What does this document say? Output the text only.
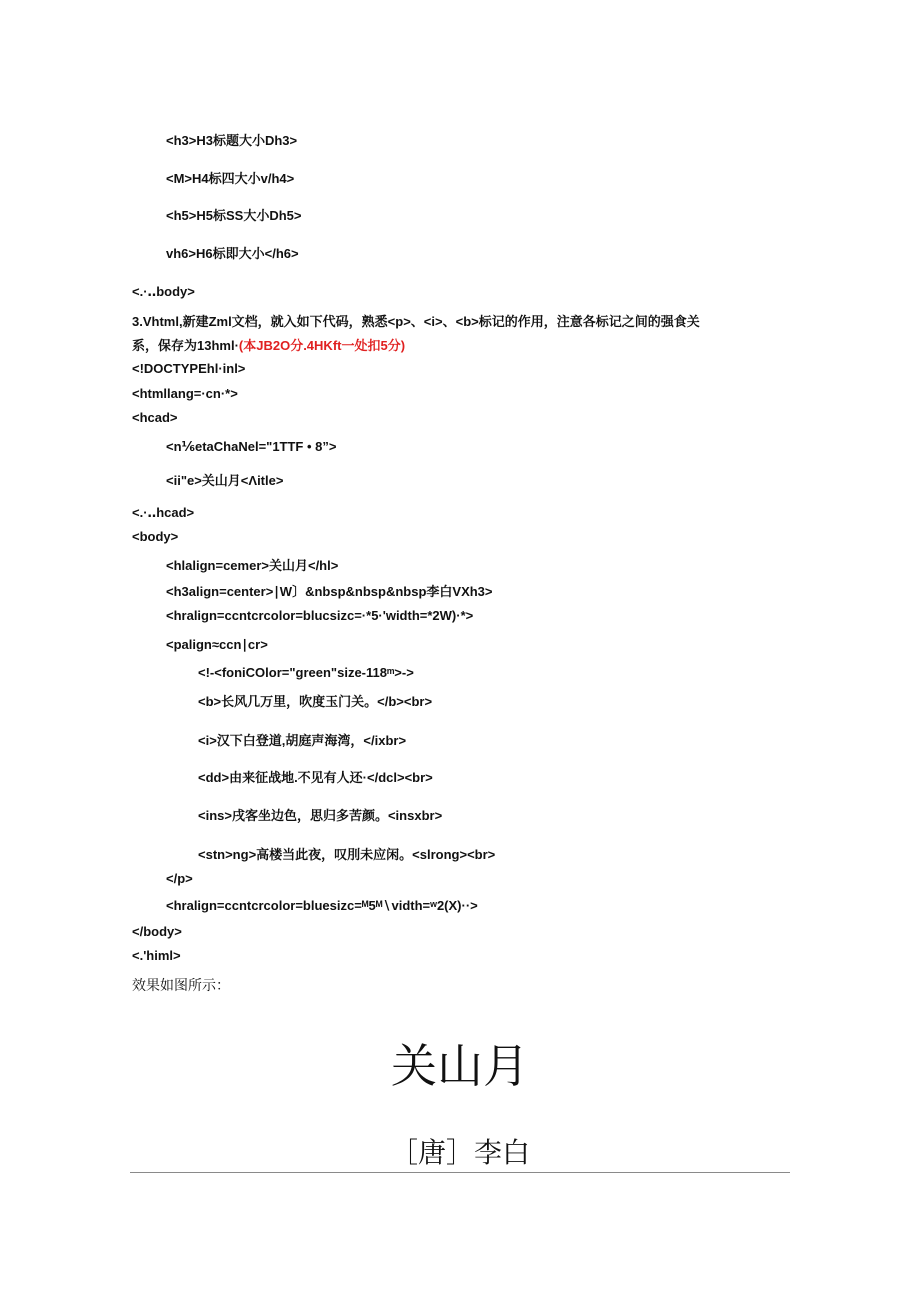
<h3>H3标题大小Dh3>
<M>H4标四大小v/h4>
<h5>H5标SS大小Dh5>
vh6>H6标即大小</h6>
<.·‥body>
3.Vhtml,新建Zml文档，就入如下代码，熟悉<p>、<i>、<b>标记的作用，注意各标记之间的强食关
系，保存为13hml·(本JB2O分.4HKft一处扣5分)
<!DOCTYPEhl·inl>
<htmllang=·cn·*>
<hcad>
<n⅙etaChaNel="1TTF • 8”>
<ii"e>关山月<Λitle>
<.·‥hcad>
<body>
<hlalign=cemer>关山月</hl>
<h3align=center>∣W〕&nbsp&nbsp&nbsp李白VXh3>
<hralign=ccntcrcolor=blucsizc=·*5·'width=*2W)·*>
<palign≈ccn∣cr>
<!-<foniCOlor="green"size-118ᵐ>->
<b>长风几万里，吹度玉门关。</b><br>
<i>汉下白登道,胡庭声海湾，</ixbr>
<dd>由来征战地.不见有人还·</dcl><br>
<ins>戌客坐边色，思归多苦颜。<insxbr>
<stn>ng>高楼当此夜，叹刖未应闲。<slrong><br>
</p>
<hralign=ccntcrcolor=bluesizc=ᴹ5ᴹ∖vidth=ʷ2(X)··>
</body>
<.'himl>
效果如图所示：
关山月
［唐］李白
